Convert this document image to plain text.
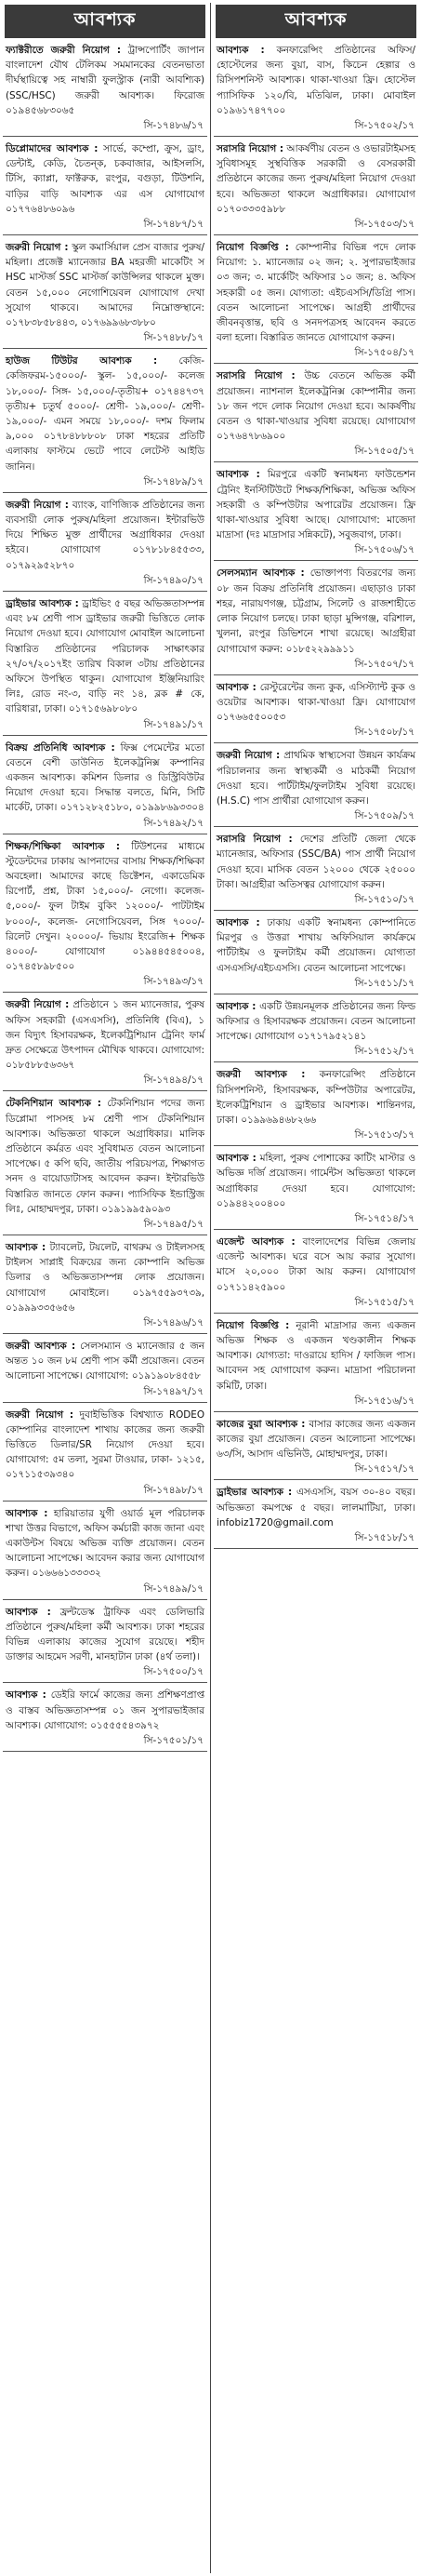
আবশ্যক

ফ্যাক্টরীতে জরুরী নিয়োগ : ট্রান্সপোর্টিং জাপান বাংলাদেশ যৌথ টেলিকম সমমানকের বেতনভাতা দীর্ঘস্থায়িত্বে সহ নাম্বারী ফুলস্ট্রাক (নারী আবশ্যিক) (SSC/HSC) জরুরী আবশ্যক। ফিরোজ ০১৯৪৫৬৮৩০৬৫

সি-১৭৪৮৬/১৭

ডিপ্লোমাদের আবশ্যক : সার্ভে, কম্প্রো, ক্রুস, ড্রাং, ডেন্টাই, কেডি, চৈতন্ক, চকবাজার, আইসলসি, টিসি, ক্যাপ্লা, ফাক্টরুক, রংপুর, বগুড়া, টিউশনি, বাড়ির বাড়ি আবশ্যক এর এস যোগাযোগ ০১৭৭৬৪৮৬০৯৬

সি-১৭৪৮৭/১৭

জরুরী নিয়োগ : স্কুল কমার্সিয়াল প্রেস বাজার পুরুষ/মহিলা। প্রজেক্ট ম্যানেজার BA মহরজী মাকেটিং স HSC মাস্টর্জ SSC মাস্টর্জ কাউন্সিলর থাকলে মুক্ত। বেতন ১৫,০০০ নেগোশিয়েবল যোগাযোগ দেখা সুযোগ থাকবে। আমাদের নিম্নোক্তস্থানে: ০১৭৮৩৮৫৮৪৪৩, ০১৭৬৯৯৬৮৩৮৮০

সি-১৭৪৮৮/১৭

হাউজ টিউটর আবশ্যক : কেজি- কেজিফরম-১৫০০০/- স্কুল- ১৫,০০০/- কলেজ ১৮,০০০/- সিঙ্গ- ১৫,০০০/-তৃতীয়+ ০১৭৪৪৭৩৭ তৃতীয়+ চতুর্থ ৫০০০/- শ্রেণী- ১৯,০০০/- শ্রেণী- ১৯,০০০/- এমন সময়ে ১৮,০০০/- দশম ফিলাম ৯,০০০ ০১৭৮৪৮৮৮০৮ ঢাকা শহরের প্রতিটি এলাকায় ফাস্টমে ভেটে পাবে লেটেস্ট আইডি জানিন।

সি-১৭৪৮৯/১৭

জরুরী নিয়োগ : ব্যাংক, বাণিজ্যিক প্রতিষ্ঠানের জন্য ব্যবসায়ী লোক পুরুষ/মহিলা প্রয়োজন। ইন্টারভিউ দিয়ে শিক্ষিত মুক্ত প্রার্থীদের অগ্রাধিকার দেওয়া হইবে। যোগাযোগ ০১৭৮১৮৪৫৫৩৩, ০১৭৯২৯৫২৮৭০

সি-১৭৪৯০/১৭

ড্রাইভার আবশ্যক : ড্রাইভিং ৫ বছর অভিজ্ঞতাসম্পন্ন এবং ৮ম শ্রেণী পাস ড্রাইভার জরুরী ভিত্তিতে লোক নিয়োগ দেওয়া হবে। যোগাযোগ মোবাইল আলোচনা বিস্তারিত প্রতিষ্ঠানের পরিচালক সাক্ষাৎকার ২৭/০৭/২০১৭ইং তারিখ বিকাল ৩টায় প্রতিষ্ঠানের অফিসে উপস্থিত থাকুন। যোগাযোগ ইঞ্জিনিয়ারিং লিঃ, রোড নং-৩, বাড়ি নং ১৪, ব্লক # কে, বারিধারা, ঢাকা। ০১৭১৫৬৯৮০৮০

সি-১৭৪৯১/১৭

বিক্রয় প্রতিনিধি আবশ্যক : ফিক্স পেমেন্টের মতো বেতনে বেশী ডাউনিত ইলেকট্রনিক্স কম্পানির একজন আবশ্যক। কমিশন ডিলার ও ডিস্ট্রিবিউটর নিয়োগ দেওয়া হবে। সিদ্ধান্ত বলতে, মিনি, সিটি মার্কেট, ঢাকা। ০১৭১২৮২৫১৮০, ০১৯৯৮৬৯৩৩০৪

সি-১৭৪৯২/১৭

শিক্ষক/শিক্ষিকা আবশ্যক : টিউশনের মাধ্যমে স্টুডেন্টদের ঢাকায় আপনাদের বাসায় শিক্ষক/শিক্ষিকা অবহেলা। আমাদের কাছে ডিক্টেশন, একাডেমিক রিপোর্ট, প্রশ্ন, টাকা ১৫,০০০/- নেগো। কলেজ- ৫,০০০/- ফুল টাইম বুকিং ১২০০০/- পাটটাইম ৮০০০/-, কলেজ- নেগোসিয়েবল, সিঙ্গ ৭০০০/- রিলেট দেখুন। ২০০০০/- ভিয়ায় ইংরেজি+ শিক্ষক ৪০০০/- যোগাযোগ ০১৯৪৪৫৪৫০০৪, ০১৭৪৫৮৯৮৫০০

সি-১৭৪৯৩/১৭

জরুরী নিয়োগ : প্রতিষ্ঠানে ১ জন ম্যানেজার, পুরুষ অফিস সহকারী (এসএসসি), প্রতিনিধি (বিএ), ১ জন বিদ্যুৎ হিসাবরক্ষক, ইলেকট্রিশিয়ান ট্রেনিং ফার্ম দ্রুত সেক্ষেত্রে উৎপাদন মৌখিক থাকবে। যোগাযোগ: ০১৮৫৮৮৫৬৩৬৭

সি-১৭৪৯৪/১৭

টেকনিশিয়ান আবশ্যক : টেকনিশিয়ান পদের জন্য ডিপ্লোমা পাসসহ ৮ম শ্রেণী পাস টেকনিশিয়ান আবশ্যক। অভিজ্ঞতা থাকলে অগ্রাধিকার। মালিক প্রতিষ্ঠানে কর্মরত এবং সুবিধামত বেতন আলোচনা সাপেক্ষে। ৫ কপি ছবি, জাতীয় পরিচয়পত্র, শিক্ষাগত সনদ ও বায়োডাটাসহ আবেদন করুন। ইন্টারভিউ বিস্তারিত জানতে ফোন করুন। প্যাসিফিক ইন্ডাস্ট্রিজ লিঃ, মোহাম্মদপুর, ঢাকা। ০১৯১৯৯৫৯০৯৩

সি-১৭৪৯৫/১৭

আবশ্যক : ট্যাবলেট, টয়লেট, বাথরুম ও টাইলসসহ টাইলস সাপ্লাই বিক্রয়ের জন্য কোম্পানি অভিজ্ঞ ডিলার ও অভিজ্ঞতাসম্পন্ন লোক প্রয়োজন। যোগাযোগ মোবাইলে। ০১৯৭৫৫৯৩৭৩৯, ০১৯৯৯৩৩৫৬৫৬

সি-১৭৪৯৬/১৭

জরুরী আবশ্যক : সেলসম্যান ও ম্যানেজার ৫ জন অন্তত ১০ জন ৮ম শ্রেণী পাস কর্মী প্রয়োজন। বেতন আলোচনা সাপেক্ষে। যোগাযোগ: ০১৯১৯০৮৪৫৫৮

সি-১৭৪৯৭/১৭

জরুরী নিয়োগ : দুবাইভিত্তিক বিশ্বখ্যাত RODEO কোম্পানির বাংলাদেশ শাখায় কাজের জন্য জরুরী ভিত্তিতে ডিলার/SR নিয়োগ দেওয়া হবে। যোগাযোগ: ৫ম তলা, সুরমা টাওয়ার, ঢাকা- ১২১৫, ০১৭১১৫৩৯৩৪০

সি-১৭৪৯৮/১৭

আবশ্যক : হারিয়াতার যুগী ওয়ার্ড মূল পরিচালক শাখা উত্তর বিভাগে, অফিস কর্মচারী কাজ জানা এবং একাউন্টস বিষয়ে অভিজ্ঞ ব্যক্তি প্রয়োজন। বেতন আলোচনা সাপেক্ষে। আবেদন করার জন্য যোগাযোগ করুন। ০১৬৬৬১৩৩৩৩২

সি-১৭৪৯৯/১৭

আবশ্যক : ফ্রন্টডেস্ক ট্রাফিক এবং ডেলিভারি প্রতিষ্ঠানে পুরুষ/মহিলা কর্মী আবশ্যক। ঢাকা শহরের বিভিন্ন এলাকায় কাজের সুযোগ রয়েছে। শহীদ ডাক্তার আহমেদ সরণী, মানহাটান ঢাকা (৪র্থ তলা)।

সি-১৭৫০০/১৭

আবশ্যক : ডেইরি ফার্মে কাজের জন্য প্রশিক্ষণপ্রাপ্ত ও বাস্তব অভিজ্ঞতাসম্পন্ন ০১ জন সুপারভাইজার আবশ্যক। যোগাযোগ: ০১৫৫৫৫৪৩৯৭২

সি-১৭৫০১/১৭
আবশ্যক

আবশ্যক : কনফারেন্সিং প্রতিষ্ঠানের অফিস/ হোস্টেলের জন্য বুয়া, বাস, কিচেন হেল্পার ও রিসিপশনিস্ট আবশ্যক। থাকা-খাওয়া ফ্রি। হোস্টেল প্যাসিফিক ১২০/বি, মতিঝিল, ঢাকা। মোবাইল ০১৯৬১৭৪৭৭০০

সি-১৭৫০২/১৭

সরাসরি নিয়োগ : আকর্ষণীয় বেতন ও ওভারটাইমসহ সুবিধাসমূহ সুস্থবিত্তিক সরকারী ও বেসরকারী প্রতিষ্ঠানে কাজের জন্য পুরুষ/মহিলা নিয়োগ দেওয়া হবে। অভিজ্ঞতা থাকলে অগ্রাধিকার। যোগাযোগ ০১৭০৩৩৩৫৯৮৮

সি-১৭৫০৩/১৭

নিয়োগ বিজ্ঞপ্তি : কোম্পানীর বিভিন্ন পদে লোক নিয়োগ: ১. ম্যানেজার ০২ জন; ২. সুপারভাইজার ০৩ জন; ৩. মার্কেটিং অফিসার ১০ জন; ৪. অফিস সহকারী ০৫ জন। যোগ্যতা: এইচএসসি/ডিগ্রি পাস। বেতন আলোচনা সাপেক্ষে। আগ্রহী প্রার্থীদের জীবনবৃত্তান্ত, ছবি ও সনদপত্রসহ আবেদন করতে বলা হলো। বিস্তারিত জানতে যোগাযোগ করুন।

সি-১৭৫০৪/১৭

সরাসরি নিয়োগ : উচ্চ বেতনে অভিজ্ঞ কর্মী প্রয়োজন। ন্যাশনাল ইলেকট্রনিক্স কোম্পানীর জন্য ১৮ জন পদে লোক নিয়োগ দেওয়া হবে। আকর্ষণীয় বেতন ও থাকা-খাওয়ার সুবিধা রয়েছে। যোগাযোগ ০১৭৬৪৭৮৬৯০০

সি-১৭৫০৫/১৭

আবশ্যক : মিরপুরে একটি স্বনামধন্য ফাউন্ডেশন ট্রেনিং ইনস্টিটিউটে শিক্ষক/শিক্ষিকা, অভিজ্ঞ অফিস সহকারী ও কম্পিউটার অপারেটর প্রয়োজন। ফ্রি থাকা-খাওয়ার সুবিধা আছে। যোগাযোগ: মাজেদা মাদ্রাসা (দঃ মাদ্রাসার সন্নিকটে), সবুজবাগ, ঢাকা।

সি-১৭৫০৬/১৭

সেলসম্যান আবশ্যক : ভোক্তাপণ্য বিতরণের জন্য ০৮ জন বিক্রয় প্রতিনিধি প্রয়োজন। এছাড়াও ঢাকা শহর, নারায়ণগঞ্জ, চট্টগ্রাম, সিলেট ও রাজশাহীতে লোক নিয়োগ চলছে। ঢাকা ছাড়া মুন্সিগঞ্জ, বরিশাল, খুলনা, রংপুর ডিভিশনে শাখা রয়েছে। আগ্রহীরা যোগাযোগ করুন: ০১৮৫২২৯৯৯১১

সি-১৭৫০৭/১৭

আবশ্যক : রেস্টুরেন্টের জন্য কুক, এসিস্ট্যান্ট কুক ও ওয়েটার আবশ্যক। থাকা-খাওয়া ফ্রি। যোগাযোগ ০১৭৬৬৫৫০০৫৩

সি-১৭৫০৮/১৭

জরুরী নিয়োগ : প্রাথমিক স্বাস্থ্যসেবা উন্নয়ন কার্যক্রম পরিচালনার জন্য স্বাস্থ্যকর্মী ও মাঠকর্মী নিয়োগ দেওয়া হবে। পার্টটাইম/ফুলটাইম সুবিধা রয়েছে। (H.S.C) পাস প্রার্থীরা যোগাযোগ করুন।

সি-১৭৫০৯/১৭

সরাসরি নিয়োগ : দেশের প্রতিটি জেলা থেকে ম্যানেজার, অফিসার (SSC/BA) পাস প্রার্থী নিয়োগ দেওয়া হবে। মাসিক বেতন ১২০০০ থেকে ২৫০০০ টাকা। আগ্রহীরা অতিসত্বর যোগাযোগ করুন।

সি-১৭৫১০/১৭

আবশ্যক : ঢাকায় একটি স্বনামধন্য কোম্পানিতে মিরপুর ও উত্তরা শাখায় অফিসিয়াল কার্যক্রমে পার্টটাইম ও ফুলটাইম কর্মী প্রয়োজন। যোগ্যতা এসএসসি/এইচএসসি। বেতন আলোচনা সাপেক্ষে।

সি-১৭৫১১/১৭

আবশ্যক : একটি উন্নয়নমূলক প্রতিষ্ঠানের জন্য ফিল্ড অফিসার ও হিসাবরক্ষক প্রয়োজন। বেতন আলোচনা সাপেক্ষে। যোগাযোগ ০১৭১৭৯৫২১৪১

সি-১৭৫১২/১৭

জরুরী আবশ্যক : কনফারেন্সিং প্রতিষ্ঠানে রিসিপশনিস্ট, হিসাবরক্ষক, কম্পিউটার অপারেটর, ইলেকট্রিশিয়ান ও ড্রাইভার আবশ্যক। শান্তিনগর, ঢাকা। ০১৯৯৬৯৪৬৮২৬৬

সি-১৭৫১৩/১৭

আবশ্যক : মহিলা, পুরুষ পোশাকের কাটিং মাস্টার ও অভিজ্ঞ দর্জি প্রয়োজন। গার্মেন্টস অভিজ্ঞতা থাকলে অগ্রাধিকার দেওয়া হবে। যোগাযোগ: ০১৯৪৪২০০৪০০

সি-১৭৫১৪/১৭

এজেন্ট আবশ্যক : বাংলাদেশের বিভিন্ন জেলায় এজেন্ট আবশ্যক। ঘরে বসে আয় করার সুযোগ। মাসে ২০,০০০ টাকা আয় করুন। যোগাযোগ ০১৭১১৪২৫৯০০

সি-১৭৫১৫/১৭

নিয়োগ বিজ্ঞপ্তি : নূরানী মাদ্রাসার জন্য একজন অভিজ্ঞ শিক্ষক ও একজন খণ্ডকালীন শিক্ষক আবশ্যক। যোগ্যতা: দাওরায়ে হাদিস / ফাজিল পাস। আবেদন সহ যোগাযোগ করুন। মাদ্রাসা পরিচালনা কমিটি, ঢাকা।

সি-১৭৫১৬/১৭

কাজের বুয়া আবশ্যক : বাসার কাজের জন্য একজন কাজের বুয়া প্রয়োজন। বেতন আলোচনা সাপেক্ষে। ৬৩/সি, আসাদ এভিনিউ, মোহাম্মদপুর, ঢাকা।

সি-১৭৫১৭/১৭

ড্রাইভার আবশ্যক : এসএসসি, বয়স ৩০-৪০ বছর। অভিজ্ঞতা কমপক্ষে ৫ বছর। লালমাটিয়া, ঢাকা। infobiz1720@gmail.com

সি-১৭৫১৮/১৭
